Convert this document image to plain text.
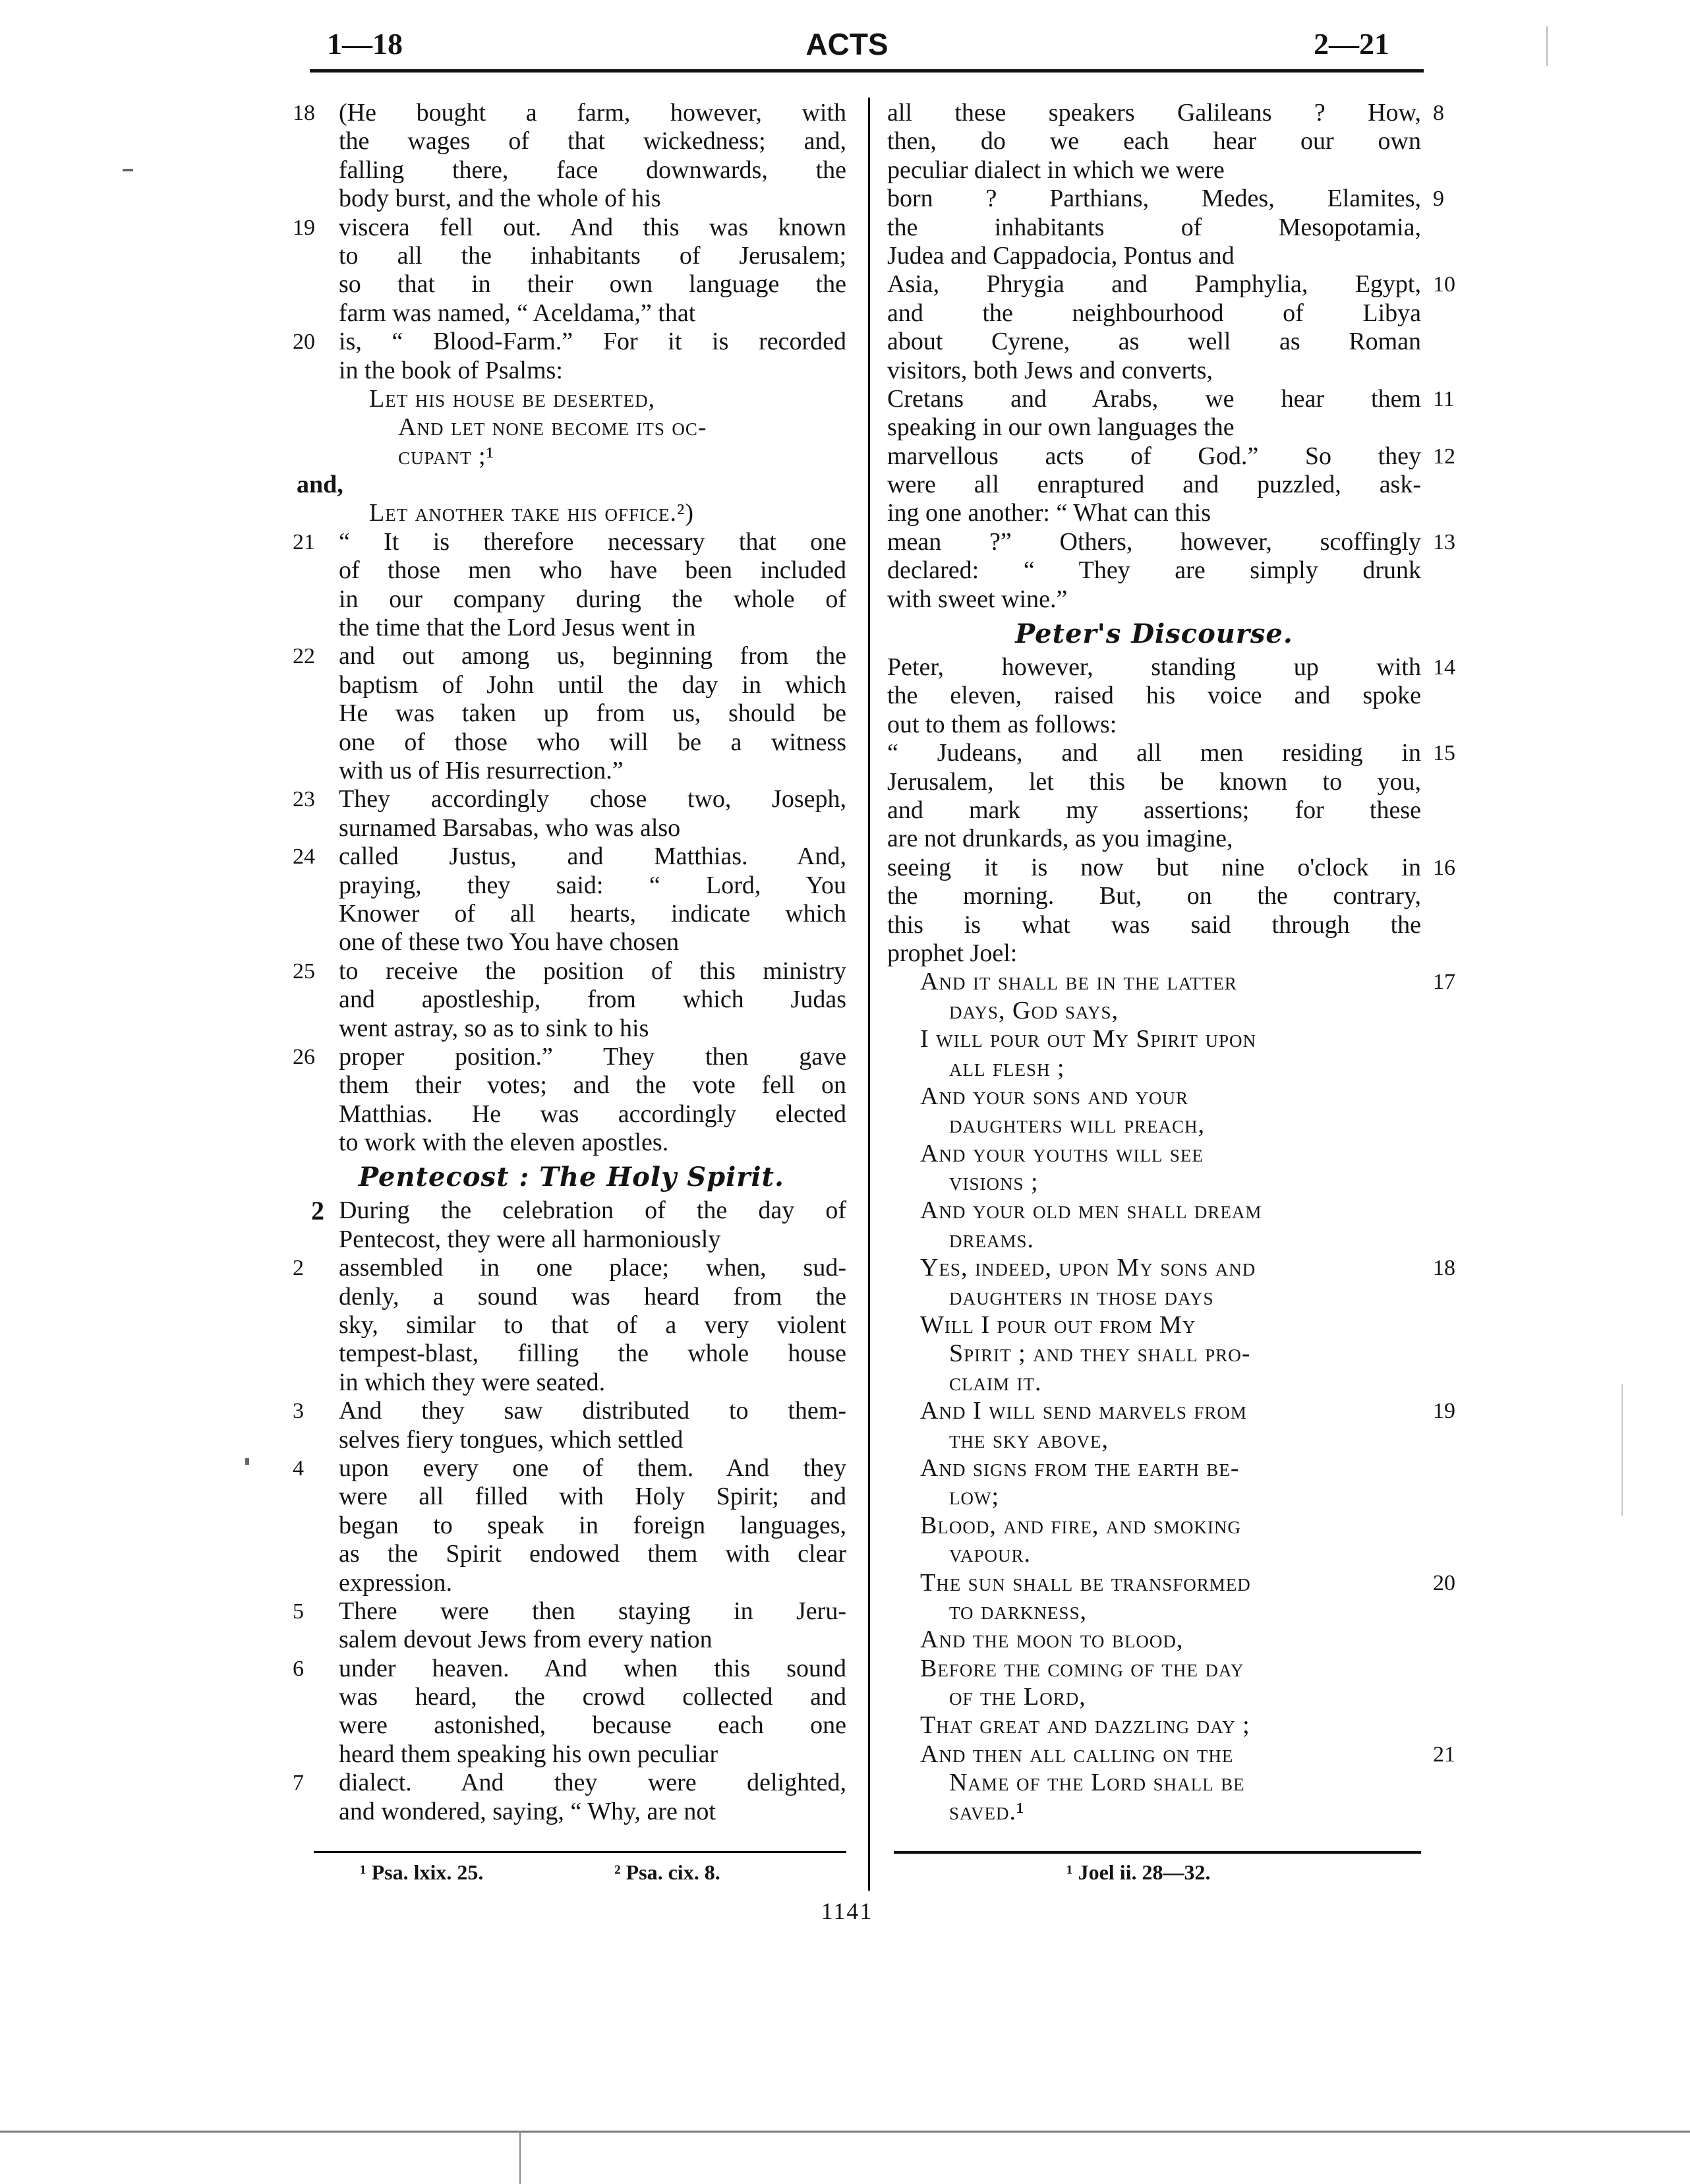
1—18	ACTS	2—21
18 (He bought a farm, however, with
the wages of that wickedness; and,
falling there, face downwards, the
body burst, and the whole of his
19 viscera fell out. And this was known
to all the inhabitants of Jerusalem;
so that in their own language the
farm was named, “ Aceldama,” that
20 is, “ Blood-Farm.” For it is recorded
in the book of Psalms:
Let his house be deserted,
And let none become its oc-
cupant ;¹
and,
Let another take his office.²)
21 “ It is therefore necessary that one
of those men who have been included
in our company during the whole of
the time that the Lord Jesus went in
22 and out among us, beginning from the
baptism of John until the day in which
He was taken up from us, should be
one of those who will be a witness
with us of His resurrection.”
23 They accordingly chose two, Joseph,
surnamed Barsabas, who was also
24 called Justus, and Matthias. And,
praying, they said: “ Lord, You
Knower of all hearts, indicate which
one of these two You have chosen
25 to receive the position of this ministry
and apostleship, from which Judas
went astray, so as to sink to his
26 proper position.” They then gave
them their votes; and the vote fell on
Matthias. He was accordingly elected
to work with the eleven apostles.
Pentecost : The Holy Spirit.
2 During the celebration of the day of
Pentecost, they were all harmoniously
2	assembled in one place; when, sud-
denly, a sound was heard from the
sky, similar to that of a very violent
tempest-blast, filling the whole house
in which they were seated.
3	And they saw distributed to them-
selves fiery tongues, which settled
4	upon every one of them. And they
were all filled with Holy Spirit; and
began to speak in foreign languages,
as the Spirit endowed them with clear
expression.
5	There were then staying in Jeru-
salem devout Jews from every nation
6	under heaven. And when this sound
was heard, the crowd collected and
were astonished, because each one
heard them speaking his own peculiar
7	dialect. And they were delighted,
and wondered, saying, “ Why, are not
8
all these speakers Galileans ? How,
then, do we each hear our own
peculiar dialect in which we were
9
born ? Parthians, Medes, Elamites,
the inhabitants of Mesopotamia,
Judea and Cappadocia, Pontus and
10
Asia, Phrygia and Pamphylia, Egypt,
and the neighbourhood of Libya
about Cyrene, as well as Roman
visitors, both Jews and converts,
11
Cretans and Arabs, we hear them
speaking in our own languages the
12
marvellous acts of God.” So they
were all enraptured and puzzled, ask-
ing one another: “ What can this
13
mean ?” Others, however, scoffingly
declared: “ They are simply drunk
with sweet wine.”
Peter's Discourse.
14
Peter, however, standing up with
the eleven, raised his voice and spoke
out to them as follows:
15
“ Judeans, and all men residing in
Jerusalem, let this be known to you,
and mark my assertions; for these
are not drunkards, as you imagine,
16
seeing it is now but nine o'clock in
the morning. But, on the contrary,
this is what was said through the
prophet Joel:
17
And it shall be in the latter
days, God says,
I will pour out My Spirit upon
all flesh ;
And your sons and your
daughters will preach,
And your youths will see
visions ;
And your old men shall dream
dreams.
18
Yes, indeed, upon My sons and
daughters in those days
Will I pour out from My
Spirit ; and they shall pro-
claim it.
19
And I will send marvels from
the sky above,
And signs from the earth be-
low;
Blood, and fire, and smoking
vapour.
20
The sun shall be transformed
to darkness,
And the moon to blood,
Before the coming of the day
of the Lord,
That great and dazzling day ;
21
And then all calling on the
Name of the Lord shall be
saved.¹
¹ Psa. lxix. 25.	² Psa. cix. 8.	¹ Joel ii. 28—32.
1141
